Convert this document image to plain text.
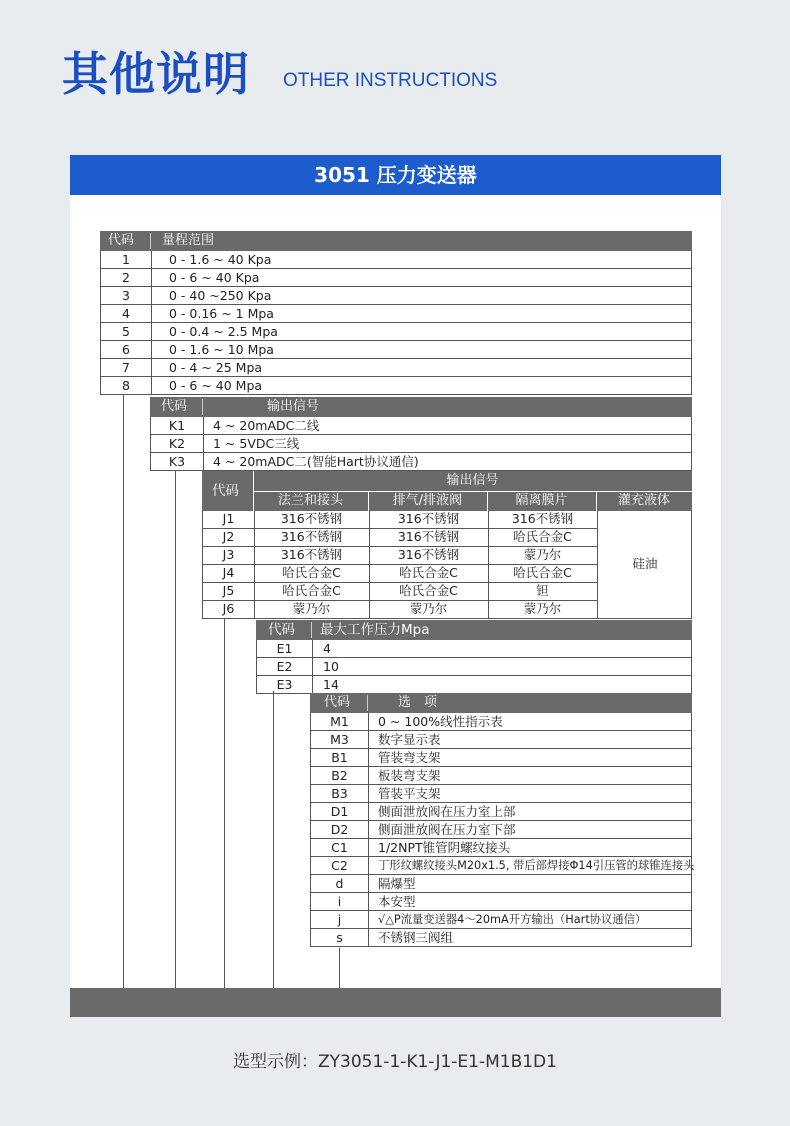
其他说明 OTHER INSTRUCTIONS
3051 压力变送器
代码 量程范围
1	0 - 1.6 ~ 40 Kpa
2	0 - 6 ~ 40 Kpa
3	0 - 40 ~250 Kpa
4	0 - 0.16 ~ 1 Mpa
5	0 - 0.4 ~ 2.5 Mpa
6	0 - 1.6 ~ 10 Mpa
7	0 - 4 ~ 25 Mpa
8	0 - 6 ~ 40 Mpa
代码	输出信号
K1	4 ~ 20mADC二线
K2	1 ~ 5VDC三线
K3	4 ~ 20mADC二(智能Hart协议通信)
代码
输出信号
法兰和接头	排气/排液阀	隔离膜片	灌充液体
J1	316不锈钢	316不锈钢	316不锈钢
J2	316不锈钢	316不锈钢	哈氏合金C
J3	316不锈钢	316不锈钢	蒙乃尔
J4	哈氏合金C	哈氏合金C	哈氏合金C
J5	哈氏合金C	哈氏合金C	钽
J6	蒙乃尔	蒙乃尔	蒙乃尔
硅油
代码 最大工作压力Mpa
E1	4
E2	10
E3	14
代码	选　项
M1	0 ~ 100%线性指示表
M3	数字显示表
B1	管装弯支架
B2	板装弯支架
B3	管装平支架
D1	侧面泄放阀在压力室上部
D2	侧面泄放阀在压力室下部
C1	1/2NPT锥管阴螺纹接头
C2	丁形纹螺纹接头M20x1.5, 带后部焊接Φ14引压管的球锥连接头
d	隔爆型
i	本安型
j	√△P流量变送器4～20mA开方输出（Hart协议通信）
s	不锈钢三阀组
选型示例：ZY3051-1-K1-J1-E1-M1B1D1
